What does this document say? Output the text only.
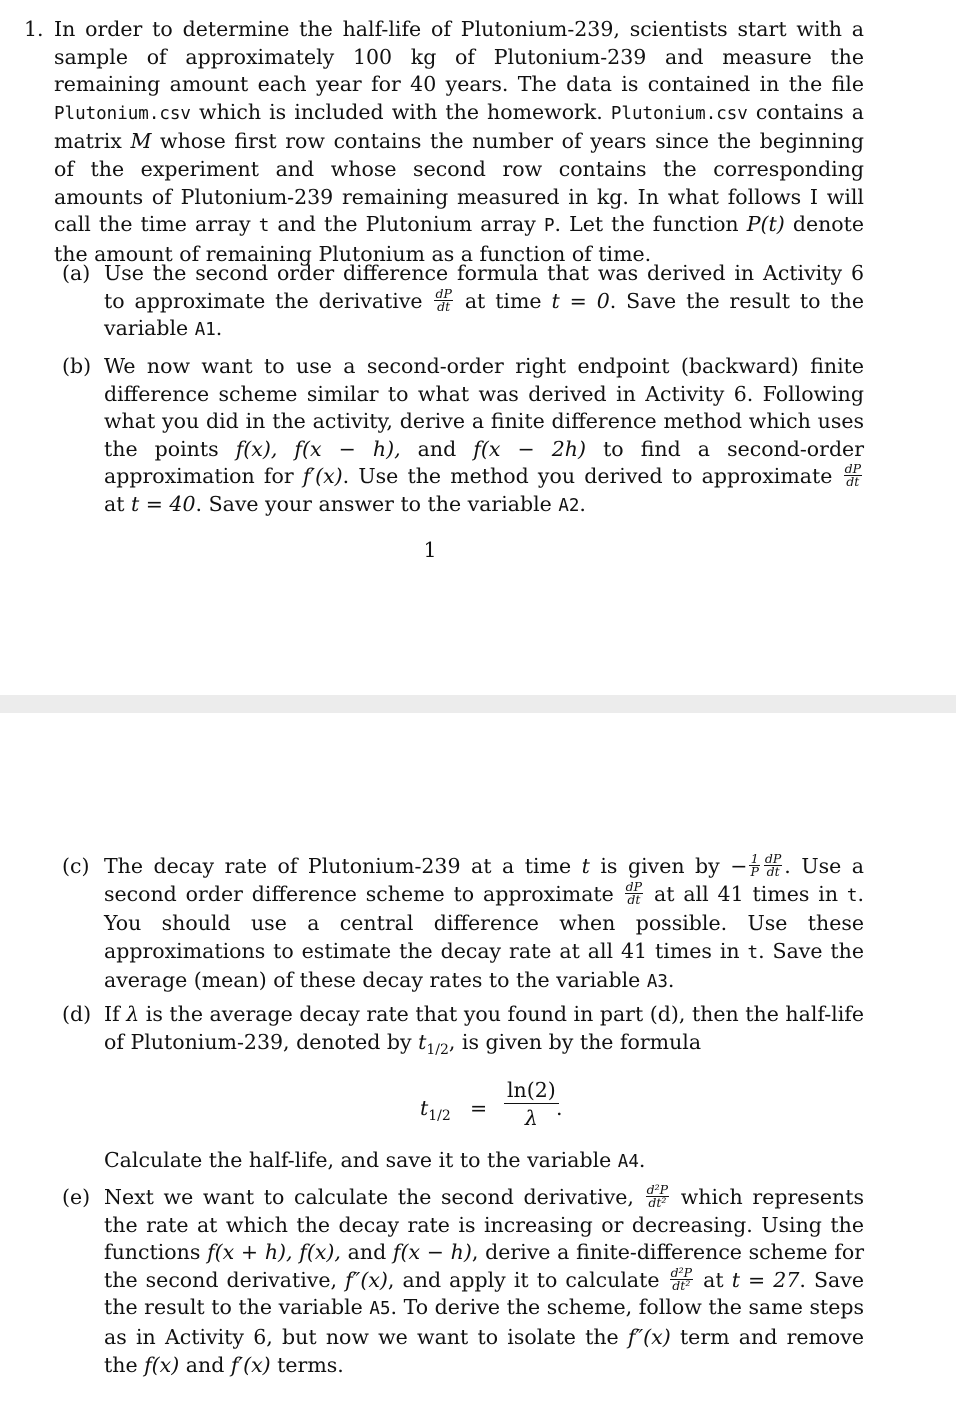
1. In order to determine the half-life of Plutonium-239, scientists start with a sample of approximately 100 kg of Plutonium-239 and measure the remaining amount each year for 40 years. The data is contained in the file Plutonium.csv which is included with the homework. Plutonium.csv contains a matrix M whose first row contains the number of years since the beginning of the experiment and whose second row contains the corresponding amounts of Plutonium-239 remaining measured in kg. In what follows I will call the time array t and the Plutonium array P. Let the function P(t) denote the amount of remaining Plutonium as a function of time.
(a) Use the second order difference formula that was derived in Activity 6 to approximate the derivative $\frac{dP}{dt}$ at time t = 0. Save the result to the variable A1.
(b) We now want to use a second-order right endpoint (backward) finite difference scheme similar to what was derived in Activity 6. Following what you did in the activity, derive a finite difference method which uses the points f(x), f(x − h), and f(x − 2h) to find a second-order approximation for f′(x). Use the method you derived to approximate $\frac{dP}{dt}$
at t = 40. Save your answer to the variable A2.
1
(c) The decay rate of Plutonium-239 at a time t is given by − $\frac{1}{P} \frac{dP}{dt}$ . Use a second order difference scheme to approximate $\frac{dP}{dt}$ at all 41 times in t. You should use a central difference when possible. Use these approximations to estimate the decay rate at all 41 times in t. Save the average (mean) of these decay rates to the variable A3.
(d) If λ is the average decay rate that you found in part (d), then the half-life of Plutonium-239, denoted by $t_{1/2}$, is given by the formula
$t_{1/2}$ =
ln(2)
λ .
Calculate the half-life, and save it to the variable A4.
(e) Next we want to calculate the second derivative, $\frac{\text{d²P}}{\text{dt²}}$ which represents the rate at which the decay rate is increasing or decreasing. Using the functions f(x + h), f(x), and f(x − h), derive a finite-difference scheme for the second derivative, f″(x), and apply it to calculate $\frac{\text{d²P}}{\text{dt²}}$ at t = 27. Save the result to the variable A5. To derive the scheme, follow the same steps as in Activity 6, but now we want to isolate the f″(x) term and remove the f(x) and f′(x) terms.
